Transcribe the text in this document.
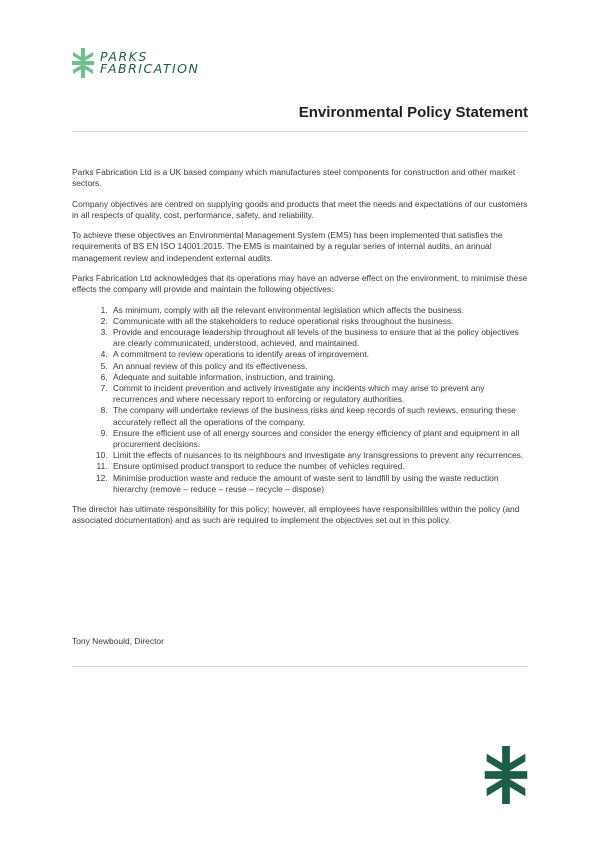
PARKS
FABRICATION
Environmental Policy Statement

Parks Fabrication Ltd is a UK based company which manufactures steel components for construction and other market sectors.

Company objectives are centred on supplying goods and products that meet the needs and expectations of our customers in all respects of quality, cost, performance, safety, and reliability.

To achieve these objectives an Environmental Management System (EMS) has been implemented that satisfies the requirements of BS EN ISO 14001:2015. The EMS is maintained by a regular series of internal audits, an annual management review and independent external audits.

Parks Fabrication Ltd acknowledges that its operations may have an adverse effect on the environment, to minimise these effects the company will provide and maintain the following objectives:

1. As minimum, comply with all the relevant environmental legislation which affects the business.
2. Communicate with all the stakeholders to reduce operational risks throughout the business.
3. Provide and encourage leadership throughout all levels of the business to ensure that al the policy objectives are clearly communicated, understood, achieved, and maintained.
4. A commitment to review operations to identify areas of improvement.
5. An annual review of this policy and its effectiveness.
6. Adequate and suitable information, instruction, and training.
7. Commit to incident prevention and actively investigate any incidents which may arise to prevent any recurrences and where necessary report to enforcing or regulatory authorities.
8. The company will undertake reviews of the business risks and keep records of such reviews, ensuring these accurately reflect all the operations of the company.
9. Ensure the efficient use of all energy sources and consider the energy efficiency of plant and equipment in all procurement decisions.
10. Limit the effects of nuisances to its neighbours and investigate any transgressions to prevent any recurrences.
11. Ensure optimised product transport to reduce the number of vehicles required.
12. Minimise production waste and reduce the amount of waste sent to landfill by using the waste reduction hierarchy (remove – reduce – reuse – recycle – dispose)

The director has ultimate responsibility for this policy; however, all employees have responsibilities within the policy (and associated documentation) and as such are required to implement the objectives set out in this policy.

Tony Newbould, Director
